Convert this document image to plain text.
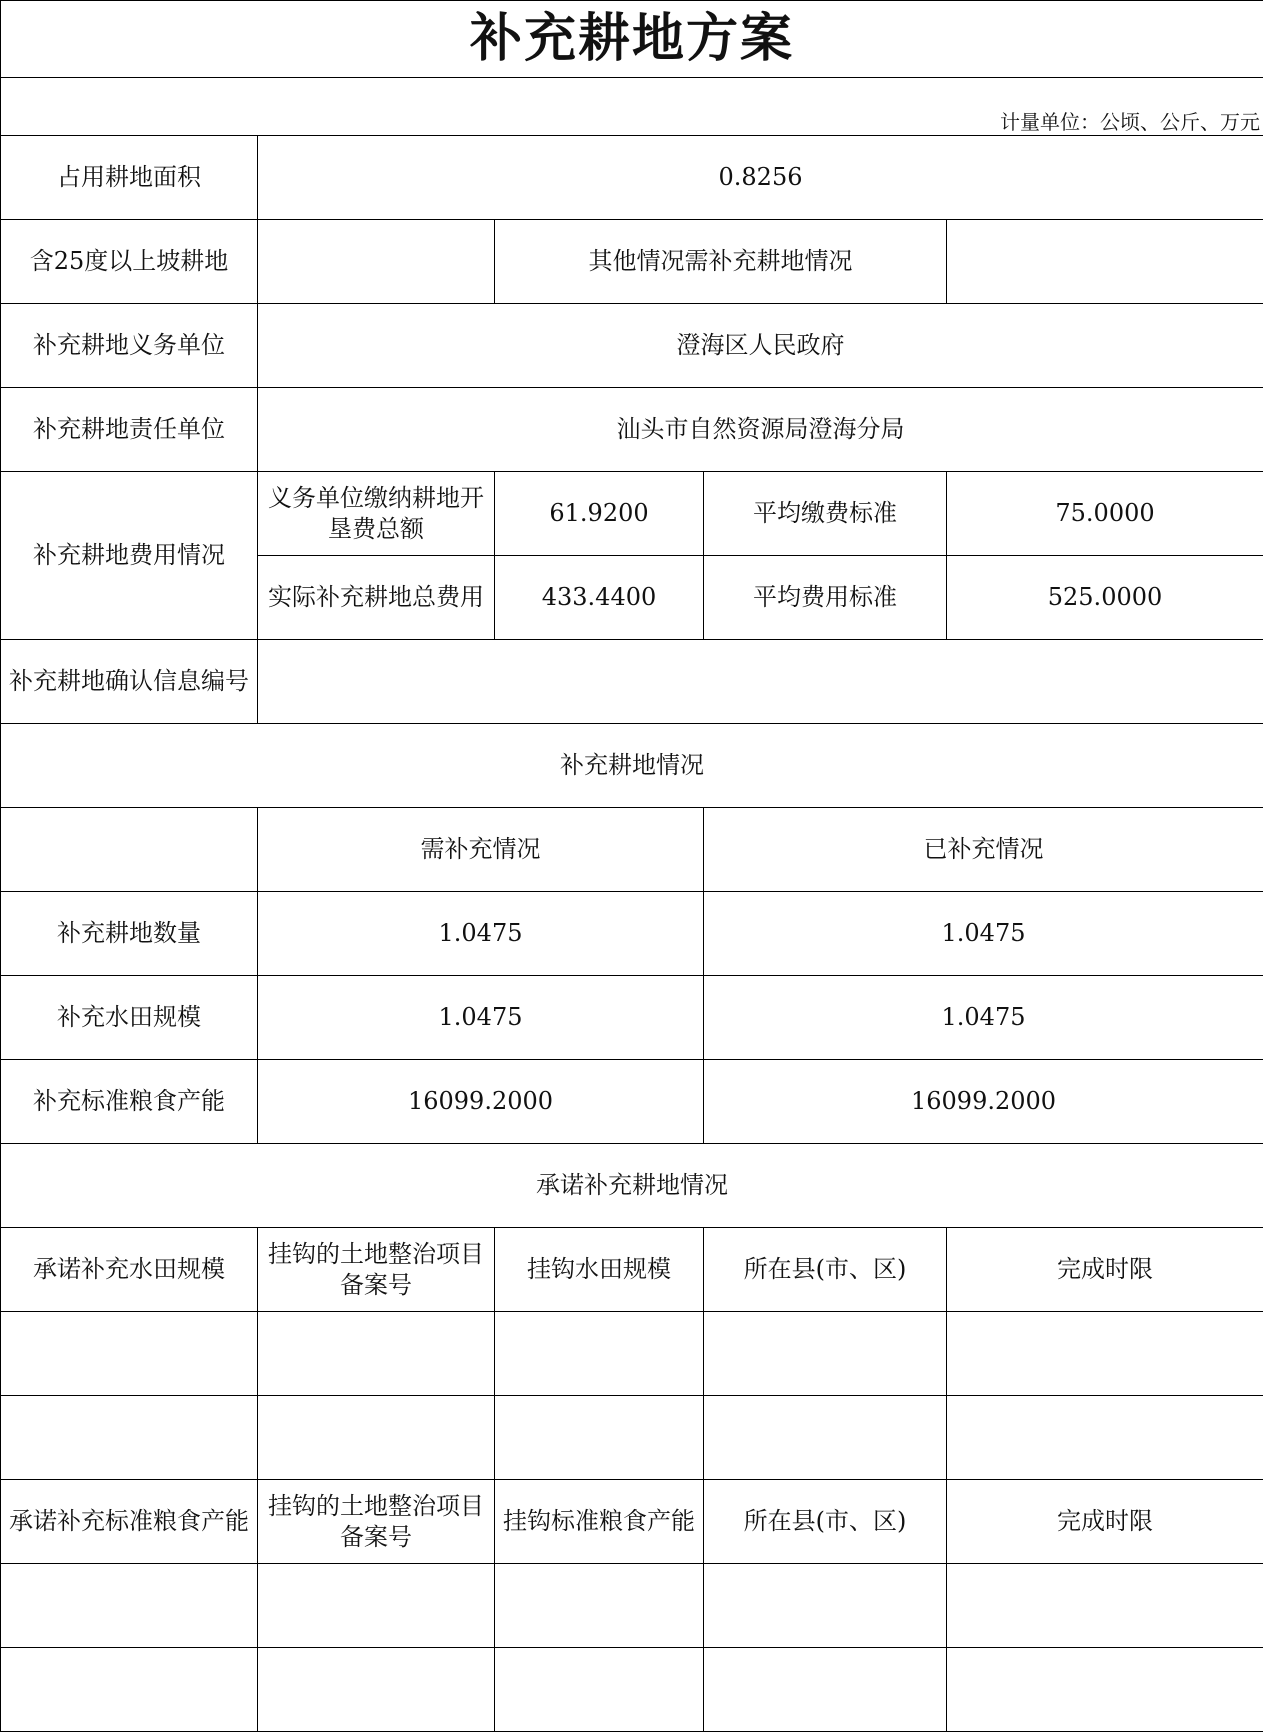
补充耕地方案				
计量单位：公顷、公斤、万元				
占用耕地面积	0.8256			
含25度以上坡耕地		其他情况需补充耕地情况		
补充耕地义务单位	澄海区人民政府			
补充耕地责任单位	汕头市自然资源局澄海分局			
补充耕地费用情况	义务单位缴纳耕地开垦费总额	61.9200	平均缴费标准	75.0000
	实际补充耕地总费用	433.4400	平均费用标准	525.0000
补充耕地确认信息编号				
补充耕地情况				
	需补充情况		已补充情况	
补充耕地数量	1.0475		1.0475	
补充水田规模	1.0475		1.0475	
补充标准粮食产能	16099.2000		16099.2000	
承诺补充耕地情况				
承诺补充水田规模	挂钩的土地整治项目备案号	挂钩水田规模	所在县(市、区)	完成时限

承诺补充标准粮食产能	挂钩的土地整治项目备案号	挂钩标准粮食产能	所在县(市、区)	完成时限
